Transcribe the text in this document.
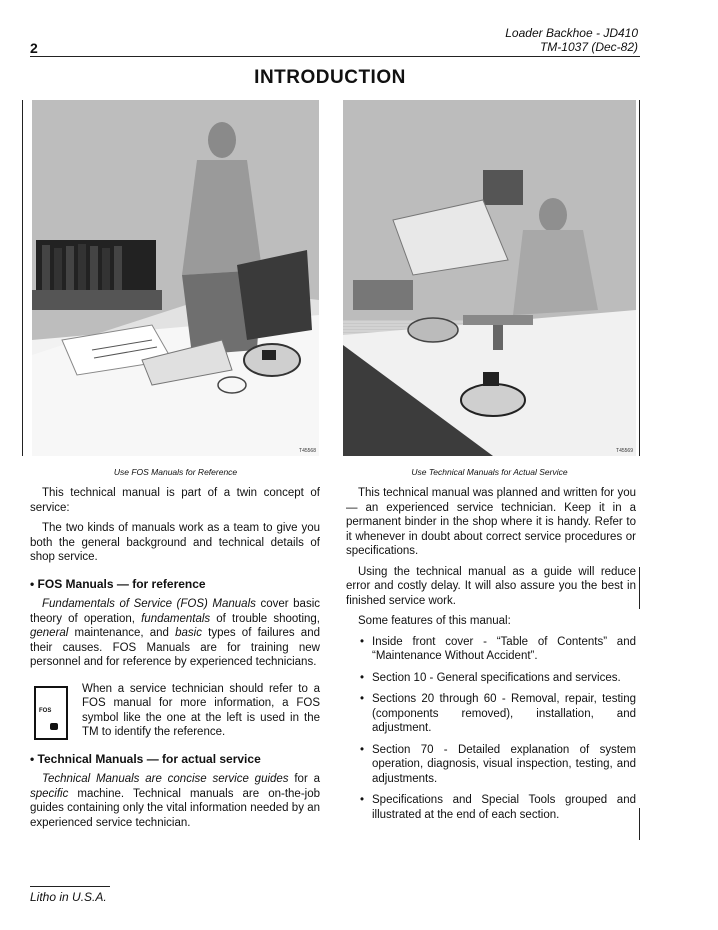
Loader Backhoe - JD410
TM-1037 (Dec-82)
2
INTRODUCTION
T45568	T45569
Use FOS Manuals for Reference	Use Technical Manuals for Actual Service

This technical manual is part of a twin concept of service:

The two kinds of manuals work as a team to give you both the general background and technical details of shop service.

• FOS Manuals — for reference

Fundamentals of Service (FOS) Manuals cover basic theory of operation, fundamentals of trouble shooting, general maintenance, and basic types of failures and their causes. FOS Manuals are for training new personnel and for reference by experienced technicians.

FOS

When a service technician should refer to a FOS manual for more information, a FOS symbol like the one at the left is used in the TM to identify the reference.

• Technical Manuals — for actual service

Technical Manuals are concise service guides for a specific machine. Technical manuals are on-the-job guides containing only the vital information needed by an experienced service technician.

This technical manual was planned and written for you — an experienced service technician. Keep it in a permanent binder in the shop where it is handy. Refer to it whenever in doubt about correct service procedures or specifications.

Using the technical manual as a guide will reduce error and costly delay. It will also assure you the best in finished service work.

Some features of this manual:

• Inside front cover - “Table of Contents” and “Maintenance Without Accident”.
• Section 10 - General specifications and services.
• Sections 20 through 60 - Removal, repair, testing (components removed), installation, and adjustment.
• Section 70 - Detailed explanation of system operation, diagnosis, visual inspection, testing, and adjustments.
• Specifications and Special Tools grouped and illustrated at the end of each section.
Litho in U.S.A.
